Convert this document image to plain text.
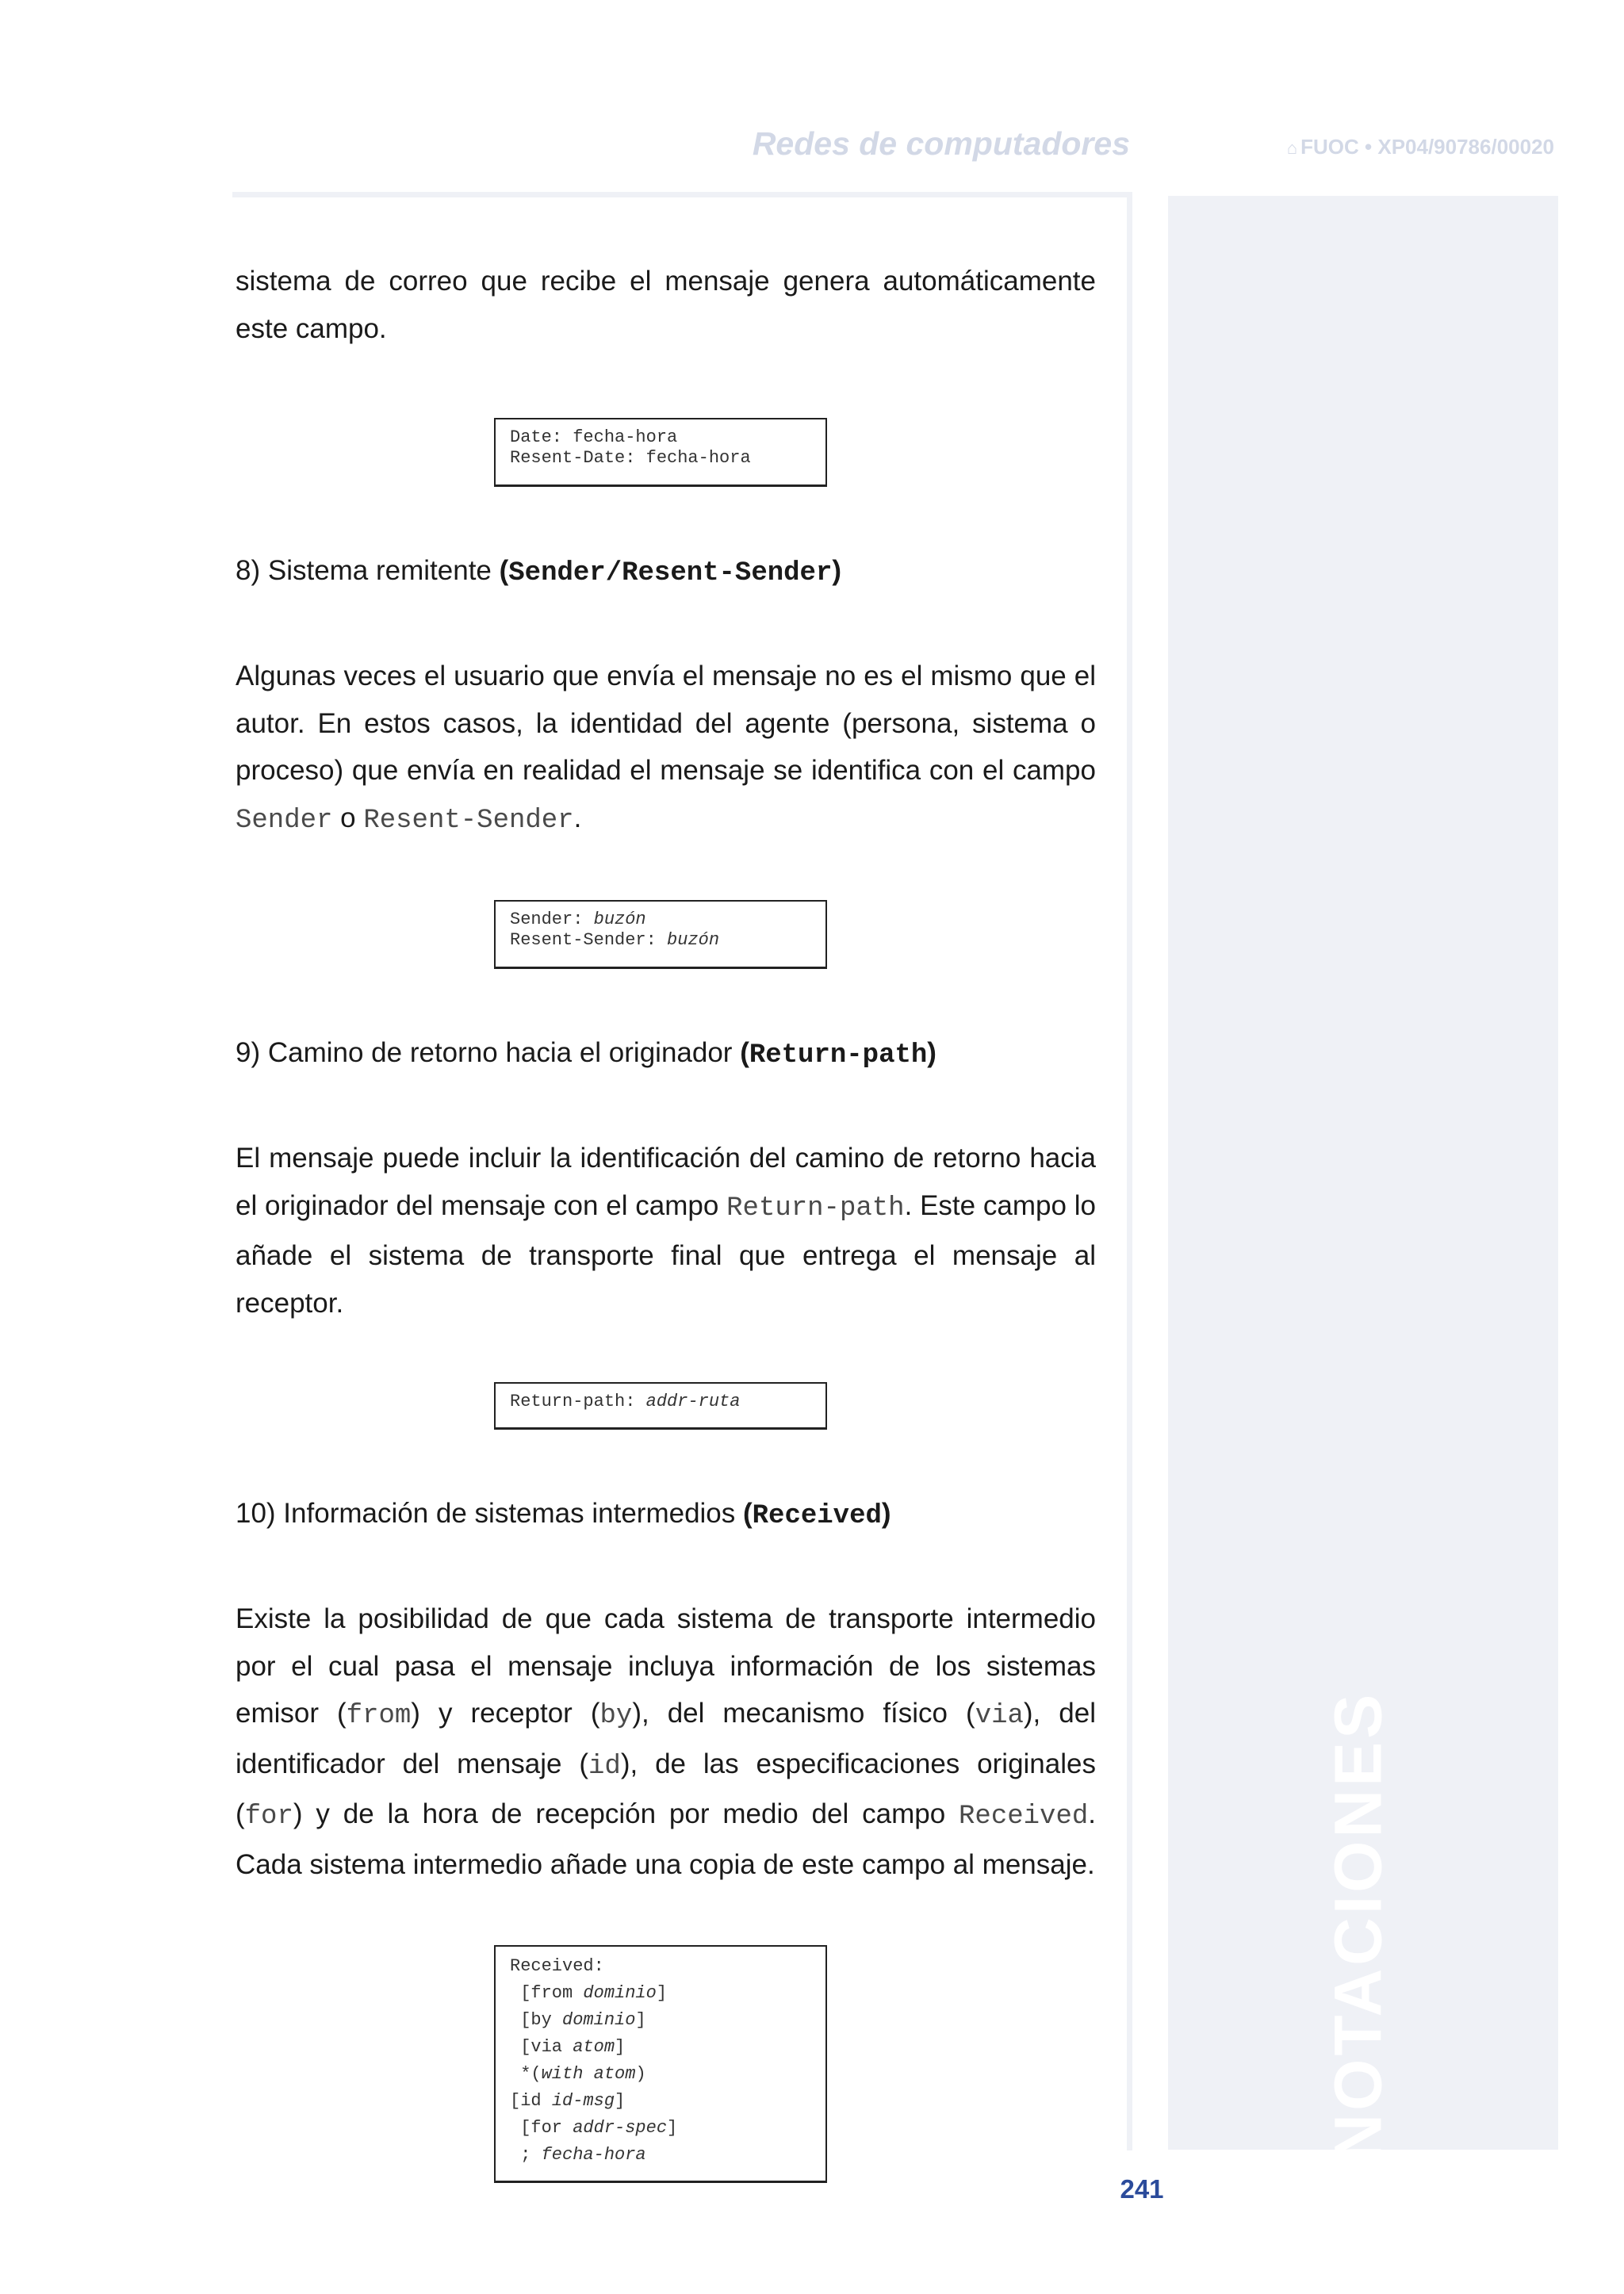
Redes de computadores	⌂ FUOC • XP04/90786/00020
ANOTACIONES

sistema de correo que recibe el mensaje genera automáticamente este campo.

Date: fecha-hora
Resent-Date: fecha-hora
8) Sistema remitente (Sender/Resent-Sender)

Algunas veces el usuario que envía el mensaje no es el mismo que el autor. En estos casos, la identidad del agente (persona, sistema o proceso) que envía en realidad el mensaje se identifica con el campo Sender o Resent-Sender.

Sender: buzón
Resent-Sender: buzón
9) Camino de retorno hacia el originador (Return-path)

El mensaje puede incluir la identificación del camino de retorno hacia el originador del mensaje con el campo Return-path. Este campo lo añade el sistema de transporte final que entrega el mensaje al receptor.

Return-path: addr-ruta
10) Información de sistemas intermedios (Received)

Existe la posibilidad de que cada sistema de transporte intermedio por el cual pasa el mensaje incluya información de los sistemas emisor (from) y receptor (by), del mecanismo físico (via), del identificador del mensaje (id), de las especificaciones originales (for) y de la hora de recepción por medio del campo Received. Cada sistema intermedio añade una copia de este campo al mensaje.

Received:
[from dominio]
[by dominio]
[via atom]
*(with atom)
[id id-msg]
[for addr-spec]
; fecha-hora
241
